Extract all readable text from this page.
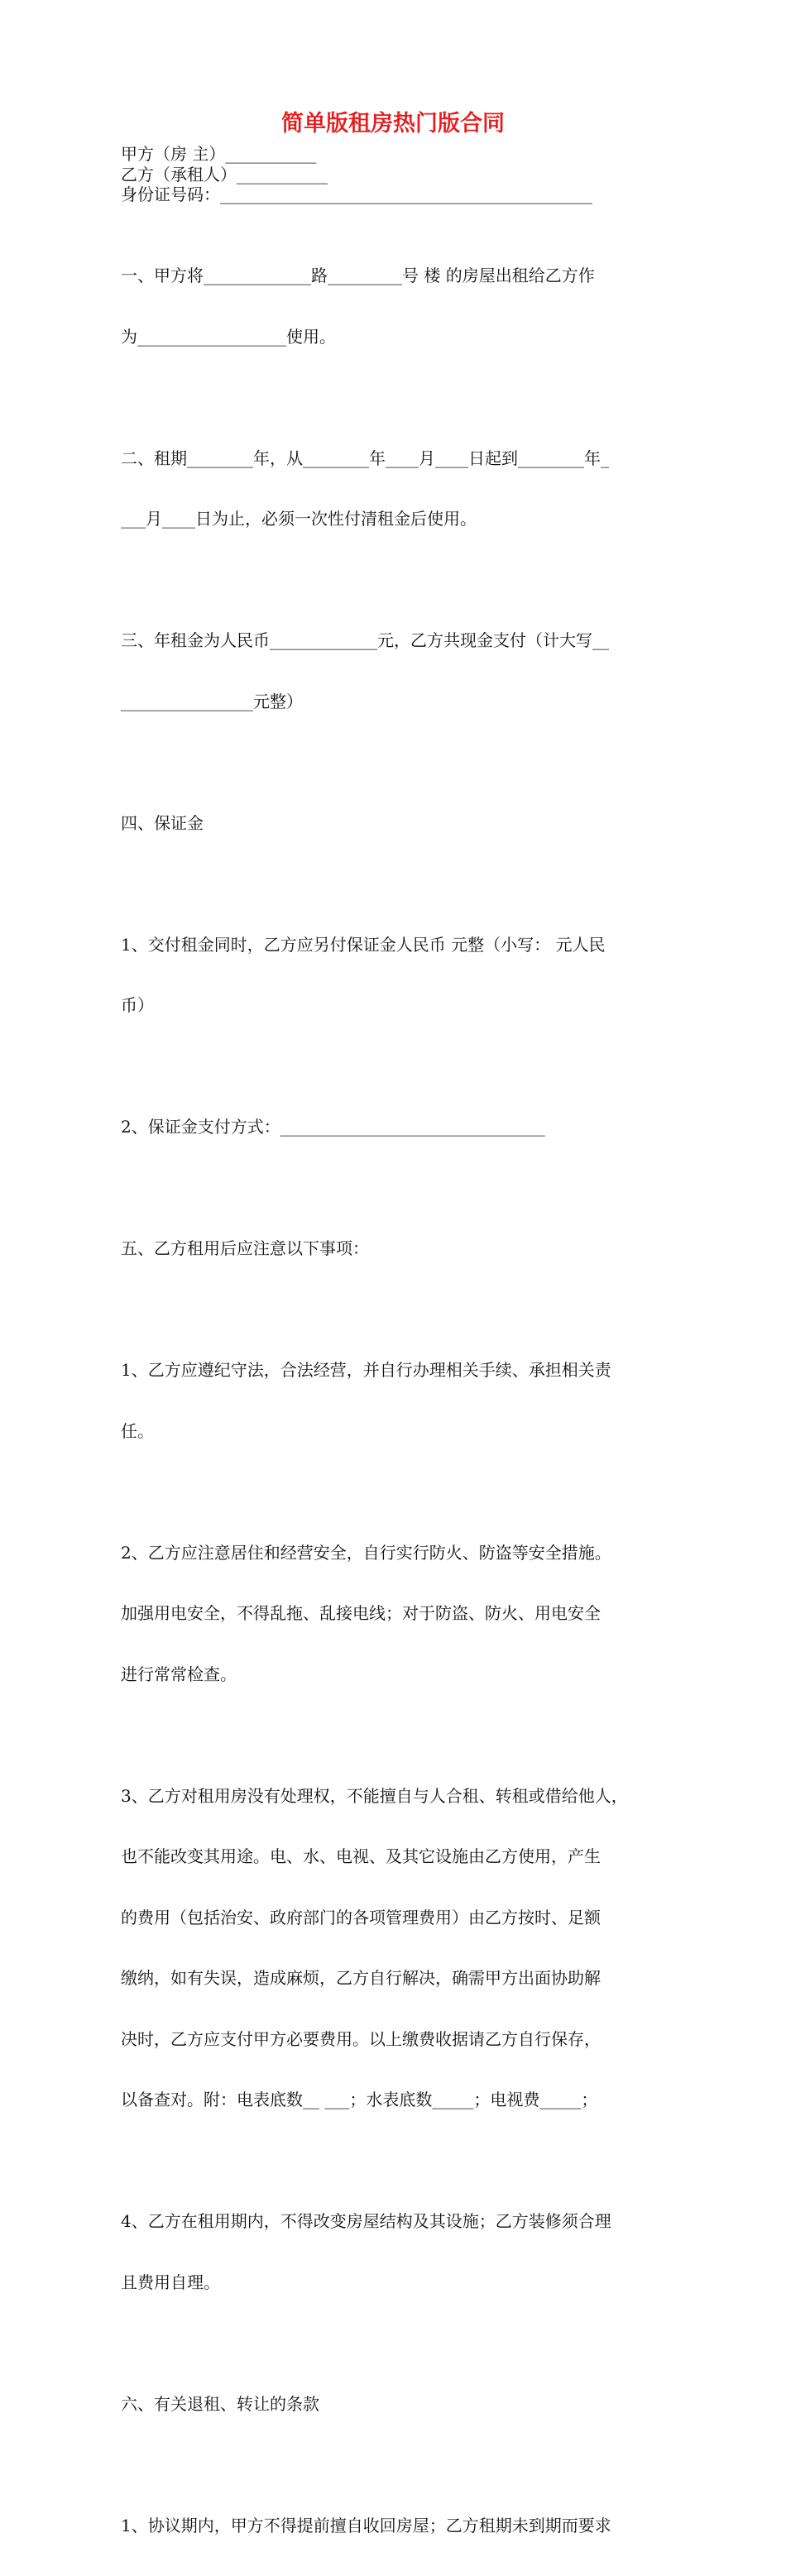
简单版租房热门版合同

甲方（房 主）___________

乙方（承租人）___________

身份证号码：_____________________________________________

一、甲方将_____________路_________号 楼 的房屋出租给乙方作

为__________________使用。

二、租期________年，从________年____月____日起到________年_

___月____日为止，必须一次性付清租金后使用。

三、年租金为人民币_____________元，乙方共现金支付（计大写__

________________元整）

四、保证金

1、交付租金同时，乙方应另付保证金人民币 元整（小写： 元人民

币）

2、保证金支付方式：________________________________

五、乙方租用后应注意以下事项：

1、乙方应遵纪守法，合法经营，并自行办理相关手续、承担相关责

任。

2、乙方应注意居住和经营安全，自行实行防火、防盗等安全措施。

加强用电安全，不得乱拖、乱接电线；对于防盗、防火、用电安全

进行常常检查。

3、乙方对租用房没有处理权，不能擅自与人合租、转租或借给他人，

也不能改变其用途。电、水、电视、及其它设施由乙方使用，产生

的费用（包括治安、政府部门的各项管理费用）由乙方按时、足额

缴纳，如有失误，造成麻烦，乙方自行解决，确需甲方出面协助解

决时，乙方应支付甲方必要费用。以上缴费收据请乙方自行保存，

以备查对。附：电表底数__ ___；水表底数_____；电视费_____；

4、乙方在租用期内，不得改变房屋结构及其设施；乙方装修须合理

且费用自理。

六、有关退租、转让的条款

1、协议期内，甲方不得提前擅自收回房屋；乙方租期未到期而要求
